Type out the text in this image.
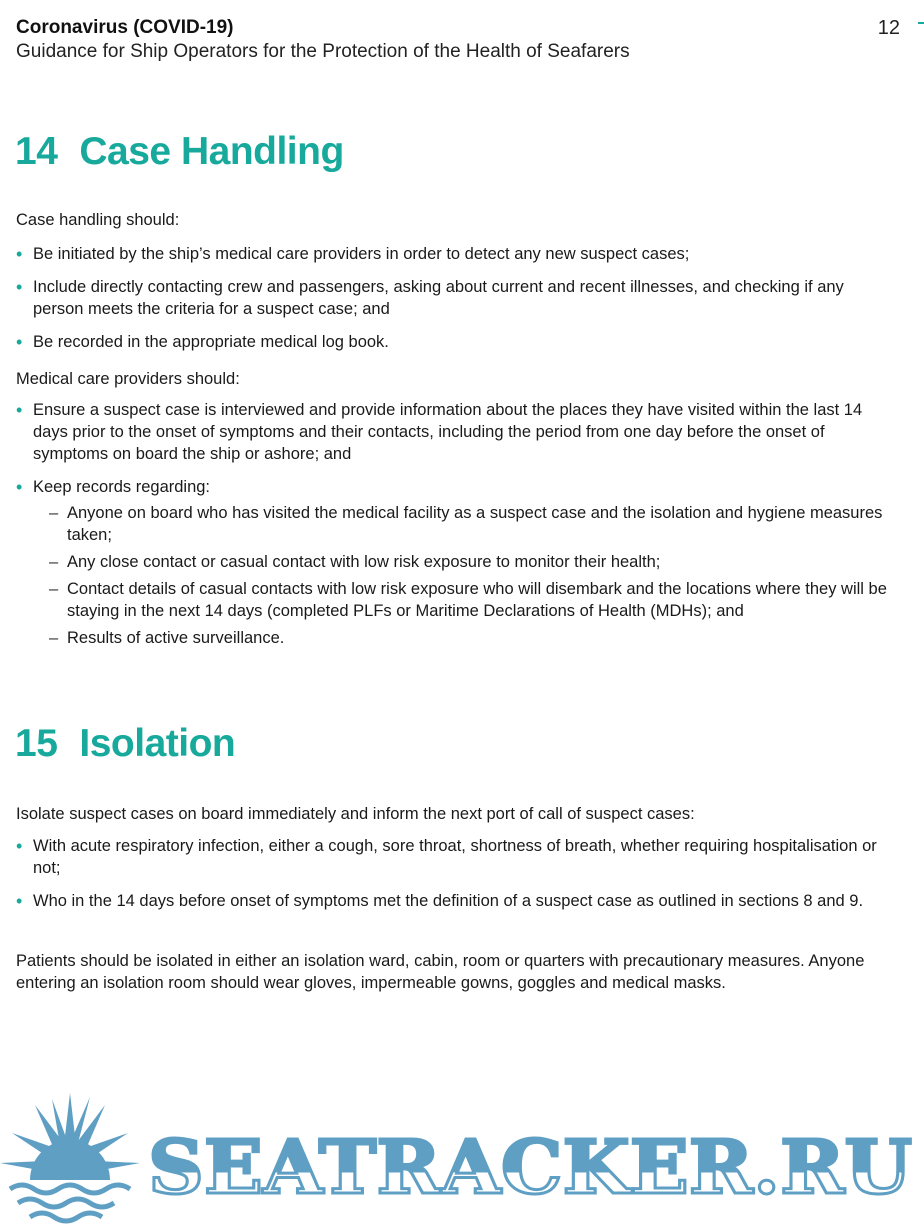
Coronavirus (COVID-19)
Guidance for Ship Operators for the Protection of the Health of Seafarers
12
14 Case Handling

Case handling should:

• Be initiated by the ship’s medical care providers in order to detect any new suspect cases;
• Include directly contacting crew and passengers, asking about current and recent illnesses, and checking if any person meets the criteria for a suspect case; and
• Be recorded in the appropriate medical log book.

Medical care providers should:

• Ensure a suspect case is interviewed and provide information about the places they have visited within the last 14 days prior to the onset of symptoms and their contacts, including the period from one day before the onset of symptoms on board the ship or ashore; and
• Keep records regarding:
– Anyone on board who has visited the medical facility as a suspect case and the isolation and hygiene measures taken;
– Any close contact or casual contact with low risk exposure to monitor their health;
– Contact details of casual contacts with low risk exposure who will disembark and the locations where they will be staying in the next 14 days (completed PLFs or Maritime Declarations of Health (MDHs); and
– Results of active surveillance.
15 Isolation

Isolate suspect cases on board immediately and inform the next port of call of suspect cases:

• With acute respiratory infection, either a cough, sore throat, shortness of breath, whether requiring hospitalisation or not;
• Who in the 14 days before onset of symptoms met the definition of a suspect case as outlined in sections 8 and 9.

Patients should be isolated in either an isolation ward, cabin, room or quarters with precautionary measures. Anyone entering an isolation room should wear gloves, impermeable gowns, goggles and medical masks.

SEATRACKER.RU
